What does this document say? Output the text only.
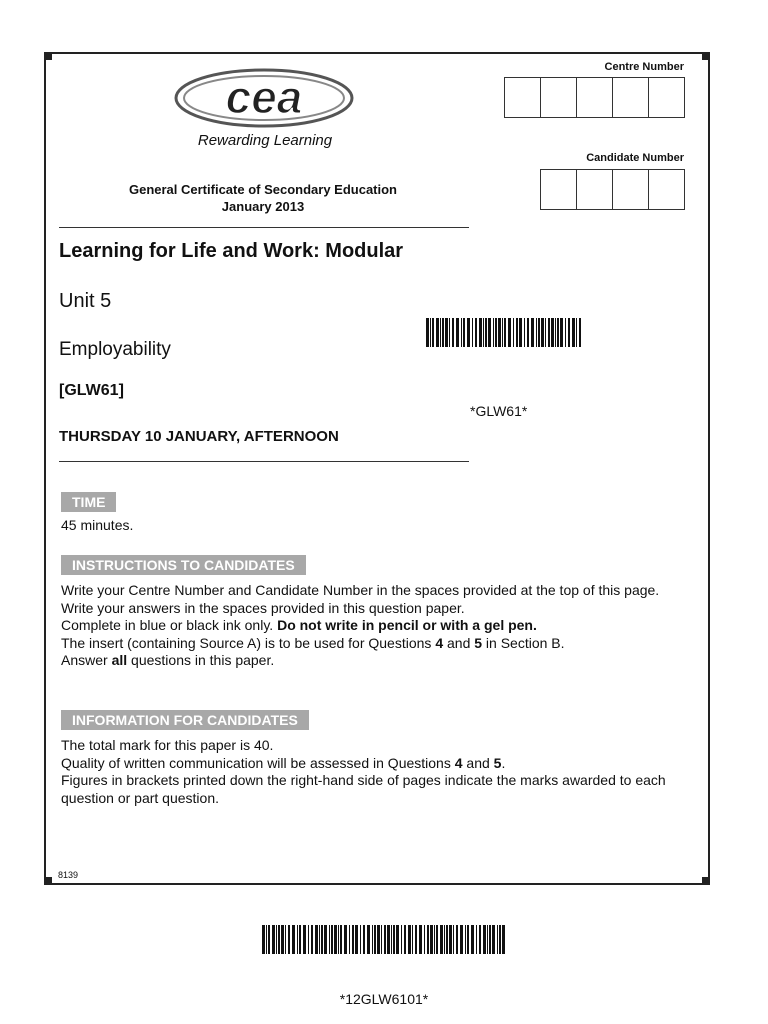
cea
Rewarding Learning
Centre Number
Candidate Number
General Certificate of Secondary Education
January 2013
Learning for Life and Work: Modular
Unit 5
Employability
[GLW61]
THURSDAY 10 JANUARY, AFTERNOON
*GLW61*
TIME
45 minutes.
INSTRUCTIONS TO CANDIDATES

Write your Centre Number and Candidate Number in the spaces provided at the top of this page.

Write your answers in the spaces provided in this question paper.

Complete in blue or black ink only. Do not write in pencil or with a gel pen.

The insert (containing Source A) is to be used for Questions 4 and 5 in Section B.

Answer all questions in this paper.

INFORMATION FOR CANDIDATES

The total mark for this paper is 40.

Quality of written communication will be assessed in Questions 4 and 5.

Figures in brackets printed down the right-hand side of pages indicate the marks awarded to each question or part question.

8139
*12GLW6101*
